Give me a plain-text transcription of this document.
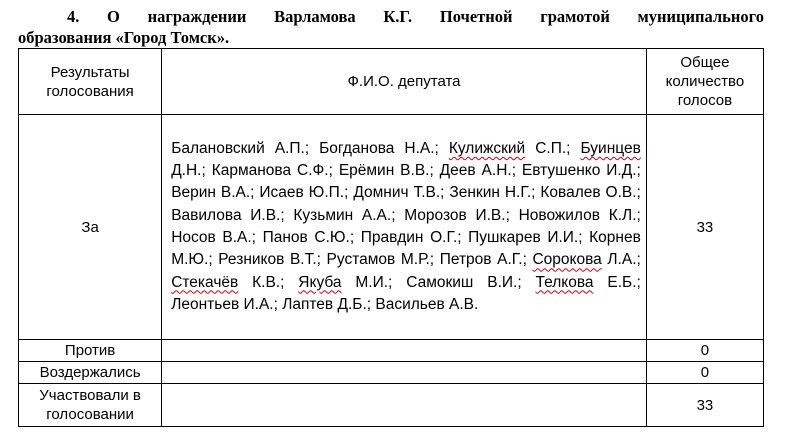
4. О награждении Варламова К.Г. Почетной грамотой муниципального
образования «Город Томск».
Результаты голосования	Ф.И.О. депутата	Общее количество голосов
За	Балановский А.П.; Богданова Н.А.; Кулижский С.П.; Буинцев Д.Н.; Карманова С.Ф.; Ерёмин В.В.; Деев А.Н.; Евтушенко И.Д.; Верин В.А.; Исаев Ю.П.; Домнич Т.В.; Зенкин Н.Г.; Ковалев О.В.; Вавилова И.В.; Кузьмин А.А.; Морозов И.В.; Новожилов К.Л.; Носов В.А.; Панов С.Ю.; Правдин О.Г.; Пушкарев И.И.; Корнев М.Ю.; Резников В.Т.; Рустамов М.Р.; Петров А.Г.; Сорокова Л.А.; Стекачёв К.В.; Якуба М.И.; Самокиш В.И.; Телкова Е.Б.; Леонтьев И.А.; Лаптев Д.Б.; Васильев А.В.	33
Против		0
Воздержались		0
Участвовали в голосовании		33
